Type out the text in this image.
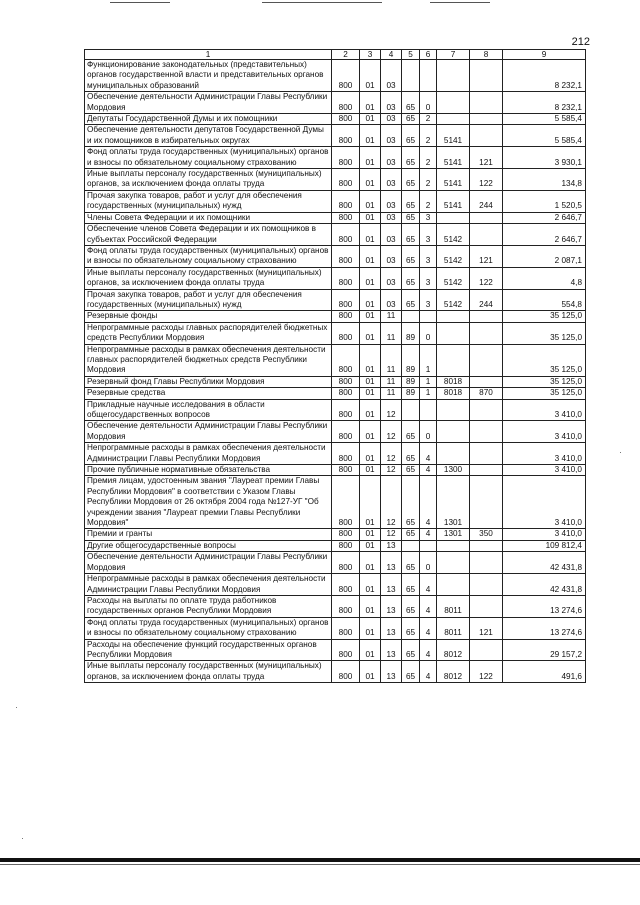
212
1	2	3	4	5	6	7	8	9
Функционирование законодательных (представительных) органов государственной власти и представительных органов муниципальных образований	800	01	03					8 232,1
Обеспечение деятельности Администрации Главы Республики Мордовия	800	01	03	65	0			8 232,1
Депутаты Государственной Думы и их помощники	800	01	03	65	2			5 585,4
Обеспечение деятельности депутатов Государственной Думы и их помощников в избирательных округах	800	01	03	65	2	5141		5 585,4
Фонд оплаты труда государственных (муниципальных) органов и взносы по обязательному социальному страхованию	800	01	03	65	2	5141	121	3 930,1
Иные выплаты персоналу государственных (муниципальных) органов, за исключением фонда оплаты труда	800	01	03	65	2	5141	122	134,8
Прочая закупка товаров, работ и услуг для обеспечения государственных (муниципальных) нужд	800	01	03	65	2	5141	244	1 520,5
Члены Совета Федерации и их помощники	800	01	03	65	3			2 646,7
Обеспечение членов Совета Федерации и их помощников в субъектах Российской Федерации	800	01	03	65	3	5142		2 646,7
Фонд оплаты труда государственных (муниципальных) органов и взносы по обязательному социальному страхованию	800	01	03	65	3	5142	121	2 087,1
Иные выплаты персоналу государственных (муниципальных) органов, за исключением фонда оплаты труда	800	01	03	65	3	5142	122	4,8
Прочая закупка товаров, работ и услуг для обеспечения государственных (муниципальных) нужд	800	01	03	65	3	5142	244	554,8
Резервные фонды	800	01	11					35 125,0
Непрограммные расходы главных распорядителей бюджетных средств Республики Мордовия	800	01	11	89	0			35 125,0
Непрограммные расходы в рамках обеспечения деятельности главных распорядителей бюджетных средств Республики Мордовия	800	01	11	89	1			35 125,0
Резервный фонд Главы Республики Мордовия	800	01	11	89	1	8018		35 125,0
Резервные средства	800	01	11	89	1	8018	870	35 125,0
Прикладные научные исследования в области общегосударственных вопросов	800	01	12					3 410,0
Обеспечение деятельности Администрации Главы Республики Мордовия	800	01	12	65	0			3 410,0
Непрограммные расходы в рамках обеспечения деятельности Администрации Главы Республики Мордовия	800	01	12	65	4			3 410,0
Прочие публичные нормативные обязательства	800	01	12	65	4	1300		3 410,0
Премия лицам, удостоенным звания "Лауреат премии Главы Республики Мордовия" в соответствии с Указом Главы Республики Мордовия от 26 октября 2004 года №127-УГ "Об учреждении звания "Лауреат премии Главы Республики Мордовия"	800	01	12	65	4	1301		3 410,0
Премии и гранты	800	01	12	65	4	1301	350	3 410,0
Другие общегосударственные вопросы	800	01	13					109 812,4
Обеспечение деятельности Администрации Главы Республики Мордовия	800	01	13	65	0			42 431,8
Непрограммные расходы в рамках обеспечения деятельности Администрации Главы Республики Мордовия	800	01	13	65	4			42 431,8
Расходы на выплаты по оплате труда работников государственных органов Республики Мордовия	800	01	13	65	4	8011		13 274,6
Фонд оплаты труда государственных (муниципальных) органов и взносы по обязательному социальному страхованию	800	01	13	65	4	8011	121	13 274,6
Расходы на обеспечение функций государственных органов Республики Мордовия	800	01	13	65	4	8012		29 157,2
Иные выплаты персоналу государственных (муниципальных) органов, за исключением фонда оплаты труда	800	01	13	65	4	8012	122	491,6
